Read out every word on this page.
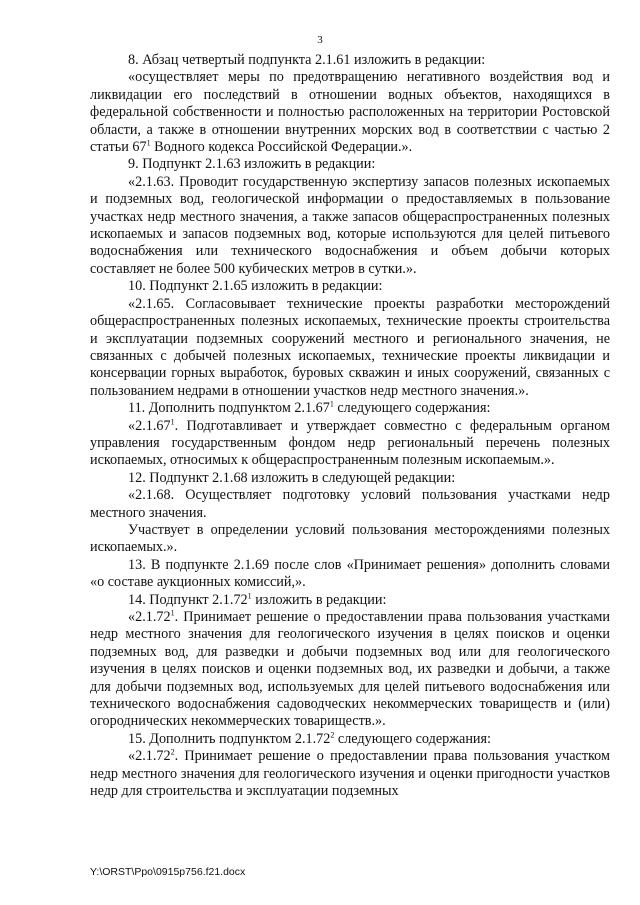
3

8. Абзац четвертый подпункта 2.1.61 изложить в редакции:

«осуществляет меры по предотвращению негативного воздействия вод и ликвидации его последствий в отношении водных объектов, находящихся в федеральной собственности и полностью расположенных на территории Ростовской области, а также в отношении внутренних морских вод в соответствии с частью 2 статьи $67^1$ Водного кодекса Российской Федерации.».

9. Подпункт 2.1.63 изложить в редакции:

«2.1.63. Проводит государственную экспертизу запасов полезных ископаемых и подземных вод, геологической информации о предоставляемых в пользование участках недр местного значения, а также запасов общераспространенных полезных ископаемых и запасов подземных вод, которые используются для целей питьевого водоснабжения или технического водоснабжения и объем добычи которых составляет не более 500 кубических метров в сутки.».

10. Подпункт 2.1.65 изложить в редакции:

«2.1.65. Согласовывает технические проекты разработки месторождений общераспространенных полезных ископаемых, технические проекты строительства и эксплуатации подземных сооружений местного и регионального значения, не связанных с добычей полезных ископаемых, технические проекты ликвидации и консервации горных выработок, буровых скважин и иных сооружений, связанных с пользованием недрами в отношении участков недр местного значения.».

11. Дополнить подпунктом 2.1.67$^1$ следующего содержания:

«2.1.67$^1$. Подготавливает и утверждает совместно с федеральным органом управления государственным фондом недр региональный перечень полезных ископаемых, относимых к общераспространенным полезным ископаемым.».

12. Подпункт 2.1.68 изложить в следующей редакции:

«2.1.68. Осуществляет подготовку условий пользования участками недр местного значения.

Участвует в определении условий пользования месторождениями полезных ископаемых.».

13. В подпункте 2.1.69 после слов «Принимает решения» дополнить словами «о составе аукционных комиссий,».

14. Подпункт 2.1.72$^1$ изложить в редакции:

«2.1.72$^1$. Принимает решение о предоставлении права пользования участками недр местного значения для геологического изучения в целях поисков и оценки подземных вод, для разведки и добычи подземных вод или для геологического изучения в целях поисков и оценки подземных вод, их разведки и добычи, а также для добычи подземных вод, используемых для целей питьевого водоснабжения или технического водоснабжения садоводческих некоммерческих товариществ и (или) огороднических некоммерческих товариществ.».

15. Дополнить подпунктом 2.1.72$^2$ следующего содержания:

«2.1.72$^2$. Принимает решение о предоставлении права пользования участком недр местного значения для геологического изучения и оценки пригодности участков недр для строительства и эксплуатации подземных

Y:\ORST\Ppo\0915p756.f21.docx
